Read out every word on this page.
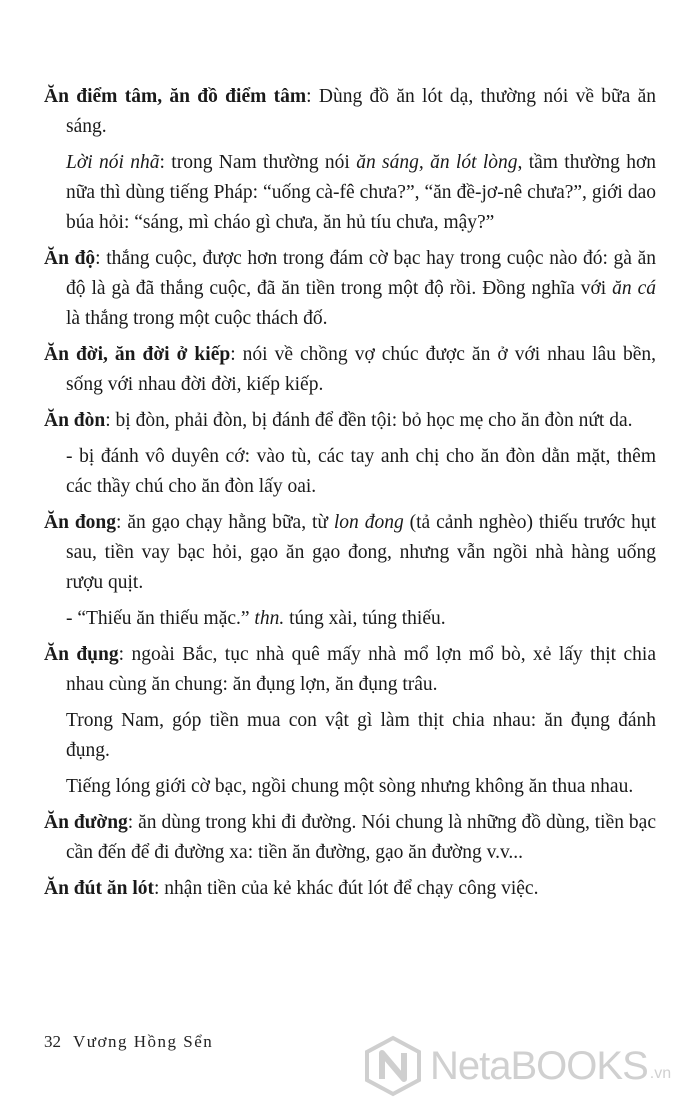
Ăn điểm tâm, ăn đồ điểm tâm: Dùng đồ ăn lót dạ, thường nói về bữa ăn sáng.

Lời nói nhã: trong Nam thường nói ăn sáng, ăn lót lòng, tầm thường hơn nữa thì dùng tiếng Pháp: “uống cà-fê chưa?”, “ăn đề-jơ-nê chưa?”, giới dao búa hỏi: “sáng, mì cháo gì chưa, ăn hủ tíu chưa, mậy?”

Ăn độ: thắng cuộc, được hơn trong đám cờ bạc hay trong cuộc nào đó: gà ăn độ là gà đã thắng cuộc, đã ăn tiền trong một độ rồi. Đồng nghĩa với ăn cá là thắng trong một cuộc thách đố.

Ăn đời, ăn đời ở kiếp: nói về chồng vợ chúc được ăn ở với nhau lâu bền, sống với nhau đời đời, kiếp kiếp.

Ăn đòn: bị đòn, phải đòn, bị đánh để đền tội: bỏ học mẹ cho ăn đòn nứt da.

- bị đánh vô duyên cớ: vào tù, các tay anh chị cho ăn đòn dằn mặt, thêm các thầy chú cho ăn đòn lấy oai.

Ăn đong: ăn gạo chạy hằng bữa, từ lon đong (tả cảnh nghèo) thiếu trước hụt sau, tiền vay bạc hỏi, gạo ăn gạo đong, nhưng vẫn ngồi nhà hàng uống rượu quịt.

- “Thiếu ăn thiếu mặc.” thn. túng xài, túng thiếu.

Ăn đụng: ngoài Bắc, tục nhà quê mấy nhà mổ lợn mổ bò, xẻ lấy thịt chia nhau cùng ăn chung: ăn đụng lợn, ăn đụng trâu.

Trong Nam, góp tiền mua con vật gì làm thịt chia nhau: ăn đụng đánh đụng.

Tiếng lóng giới cờ bạc, ngồi chung một sòng nhưng không ăn thua nhau.

Ăn đường: ăn dùng trong khi đi đường. Nói chung là những đồ dùng, tiền bạc cần đến để đi đường xa: tiền ăn đường, gạo ăn đường v.v...

Ăn đút ăn lót: nhận tiền của kẻ khác đút lót để chạy công việc.

32 Vương Hồng Sển
NetaBOOKS .vn
